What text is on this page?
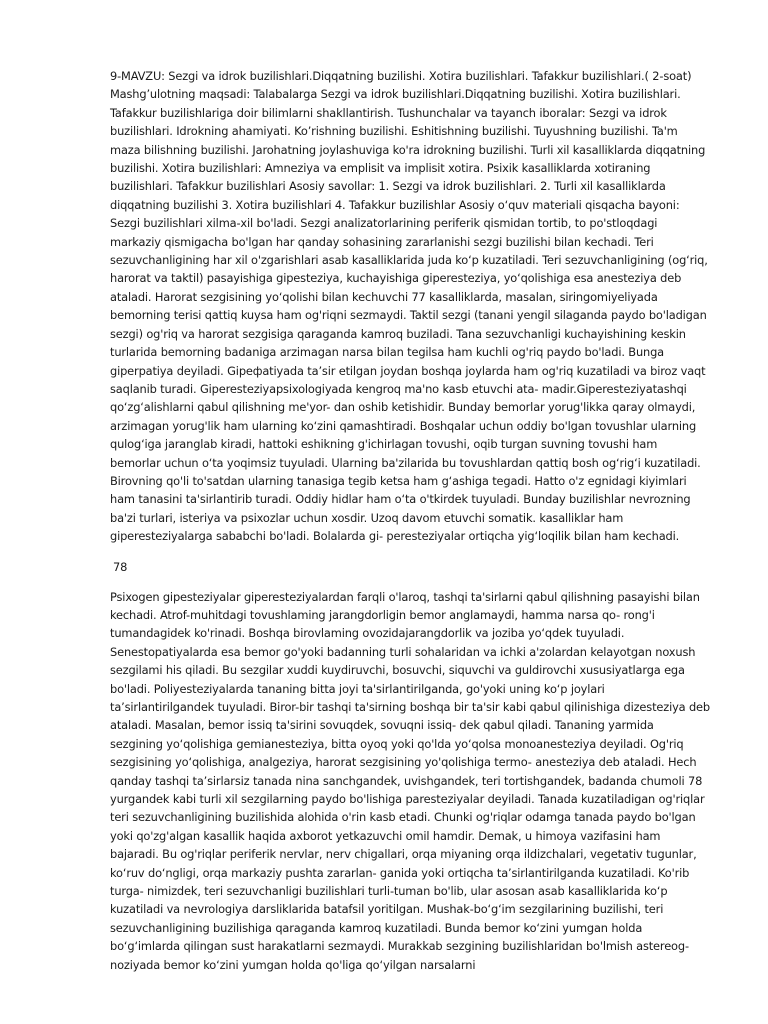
9-MAVZU: Sezgi va idrok buzilishlari.Diqqatning buzilishi. Xotira buzilishlari. Tafakkur buzilishlari.( 2-soat) Mashg’ulotning maqsadi: Talabalarga Sezgi va idrok buzilishlari.Diqqatning buzilishi. Xotira buzilishlari. Tafakkur buzilishlariga doir bilimlarni shakllantirish. Tushunchalar va tayanch iboralar: Sezgi va idrok buzilishlari. Idrokning ahamiyati. Ko’rishning buzilishi. Eshitishning buzilishi. Tuyushning buzilishi. Ta'm maza bilishning buzilishi. Jarohatning joylashuviga ko'ra idrokning buzilishi. Turli xil kasalliklarda diqqatning buzilishi. Xotira buzilishlari: Amneziya va emplisit va implisit xotira. Psixik kasalliklarda xotiraning buzilishlari. Tafakkur buzilishlari Asosiy savollar: 1. Sezgi va idrok buzilishlari. 2. Turli xil kasalliklarda diqqatning buzilishi 3. Xotira buzilishlari 4. Tafakkur buzilishlar Asosiy o‘quv materiali qisqacha bayoni: Sezgi buzilishlari xilma-xil bo'ladi. Sezgi analizatorlarining periferik qismidan tortib, to po'stloqdagi markaziy qismigacha bo'lgan har qanday sohasining zararlanishi sezgi buzilishi bilan kechadi. Teri sezuvchanligining har xil o'zgarishlari asab kasalliklarida juda ko‘p kuzatiladi. Teri sezuvchanligining (og‘riq, harorat va taktil) pasayishiga gipesteziya, kuchayishiga giperesteziya, yo‘qolishiga esa anesteziya deb ataladi. Harorat sezgisining yo‘qolishi bilan kechuvchi 77 kasalliklarda, masalan, siringomiyeliyada bemorning terisi qattiq kuysa ham og'riqni sezmaydi. Taktil sezgi (tanani yengil silaganda paydo bo'ladigan sezgi) og'riq va harorat sezgisiga qaraganda kamroq buziladi. Tana sezuvchanligi kuchayishining keskin turlarida bemorning badaniga arzimagan narsa bilan tegilsa ham kuchli og'riq paydo bo'ladi. Bunga giperpatiya deyiladi. Gipeфatiyada ta’sir etilgan joydan boshqa joylarda ham og'riq kuzatiladi va biroz vaqt saqlanib turadi. Giperesteziyapsixologiyada kengroq ma'no kasb etuvchi ata- madir.Giperesteziyatashqi qo‘zg‘alishlarni qabul qilishning me'yor- dan oshib ketishidir. Bunday bemorlar yorug'likka qaray olmaydi, arzimagan yorug'lik ham ularning ko‘zini qamashtiradi. Boshqalar uchun oddiy bo'lgan tovushlar ularning qulog‘iga jaranglab kiradi, hattoki eshikning g'ichirlagan tovushi, oqib turgan suvning tovushi ham bemorlar uchun o‘ta yoqimsiz tuyuladi. Ularning ba'zilarida bu tovushlardan qattiq bosh og‘rig‘i kuzatiladi. Birovning qo'li to'satdan ularning tanasiga tegib ketsa ham g‘ashiga tegadi. Hatto o'z egnidagi kiyimlari ham tanasini ta'sirlantirib turadi. Oddiy hidlar ham o‘ta o'tkirdek tuyuladi. Bunday buzilishlar nevrozning ba'zi turlari, isteriya va psixozlar uchun xosdir. Uzoq davom etuvchi somatik. kasalliklar ham giperesteziyalarga sababchi bo'ladi. Bolalarda gi- peresteziyalar ortiqcha yig‘loqilik bilan ham kechadi.

78

Psixogen gipesteziyalar giperesteziyalardan farqli o'laroq, tashqi ta'sirlarni qabul qilishning pasayishi bilan kechadi. Atrof-muhitdagi tovushlaming jarangdorligin bemor anglamaydi, hamma narsa qo- rong'i tumandagidek ko'rinadi. Boshqa birovlaming ovozidajarangdorlik va joziba yo‘qdek tuyuladi. Senestopatiyalarda esa bemor go'yoki badanning turli sohalaridan va ichki a'zolardan kelayotgan noxush sezgilami his qiladi. Bu sezgilar xuddi kuydiruvchi, bosuvchi, siquvchi va guldirovchi xususiyatlarga ega bo'ladi. Poliyesteziyalarda tananing bitta joyi ta'sirlantirilganda, go'yoki uning ko‘p joylari ta’sirlantirilgandek tuyuladi. Biror-bir tashqi ta'sirning boshqa bir ta'sir kabi qabul qilinishiga dizesteziya deb ataladi. Masalan, bemor issiq ta'sirini sovuqdek, sovuqni issiq- dek qabul qiladi. Tananing yarmida sezgining yo‘qolishiga gemianesteziya, bitta oyoq yoki qo'lda yo‘qolsa monoanesteziya deyiladi. Og'riq sezgisining yo‘qolishiga, analgeziya, harorat sezgisining yo'qolishiga termo- anesteziya deb ataladi. Hech qanday tashqi ta’sirlarsiz tanada nina sanchgandek, uvishgandek, teri tortishgandek, badanda chumoli 78 yurgandek kabi turli xil sezgilarning paydo bo'lishiga paresteziyalar deyiladi. Tanada kuzatiladigan og'riqlar teri sezuvchanligining buzilishida alohida o'rin kasb etadi. Chunki og'riqlar odamga tanada paydo bo'lgan yoki qo'zg'algan kasallik haqida axborot yetkazuvchi omil hamdir. Demak, u himoya vazifasini ham bajaradi. Bu og'riqlar periferik nervlar, nerv chigallari, orqa miyaning orqa ildizchalari, vegetativ tugunlar, ko‘ruv do‘ngligi, orqa markaziy pushta zararlan- ganida yoki ortiqcha ta’sirlantirilganda kuzatiladi. Ko'rib turga- nimizdek, teri sezuvchanligi buzilishlari turli-tuman bo'lib, ular asosan asab kasalliklarida ko‘p kuzatiladi va nevrologiya darsliklarida batafsil yoritilgan. Mushak-bo‘g‘im sezgilarining buzilishi, teri sezuvchanligining buzilishiga qaraganda kamroq kuzatiladi. Bunda bemor ko‘zini yumgan holda bo‘g‘imlarda qilingan sust harakatlarni sezmaydi. Murakkab sezgining buzilishlaridan bo'lmish astereog- noziyada bemor ko‘zini yumgan holda qo'liga qo‘yilgan narsalarni
